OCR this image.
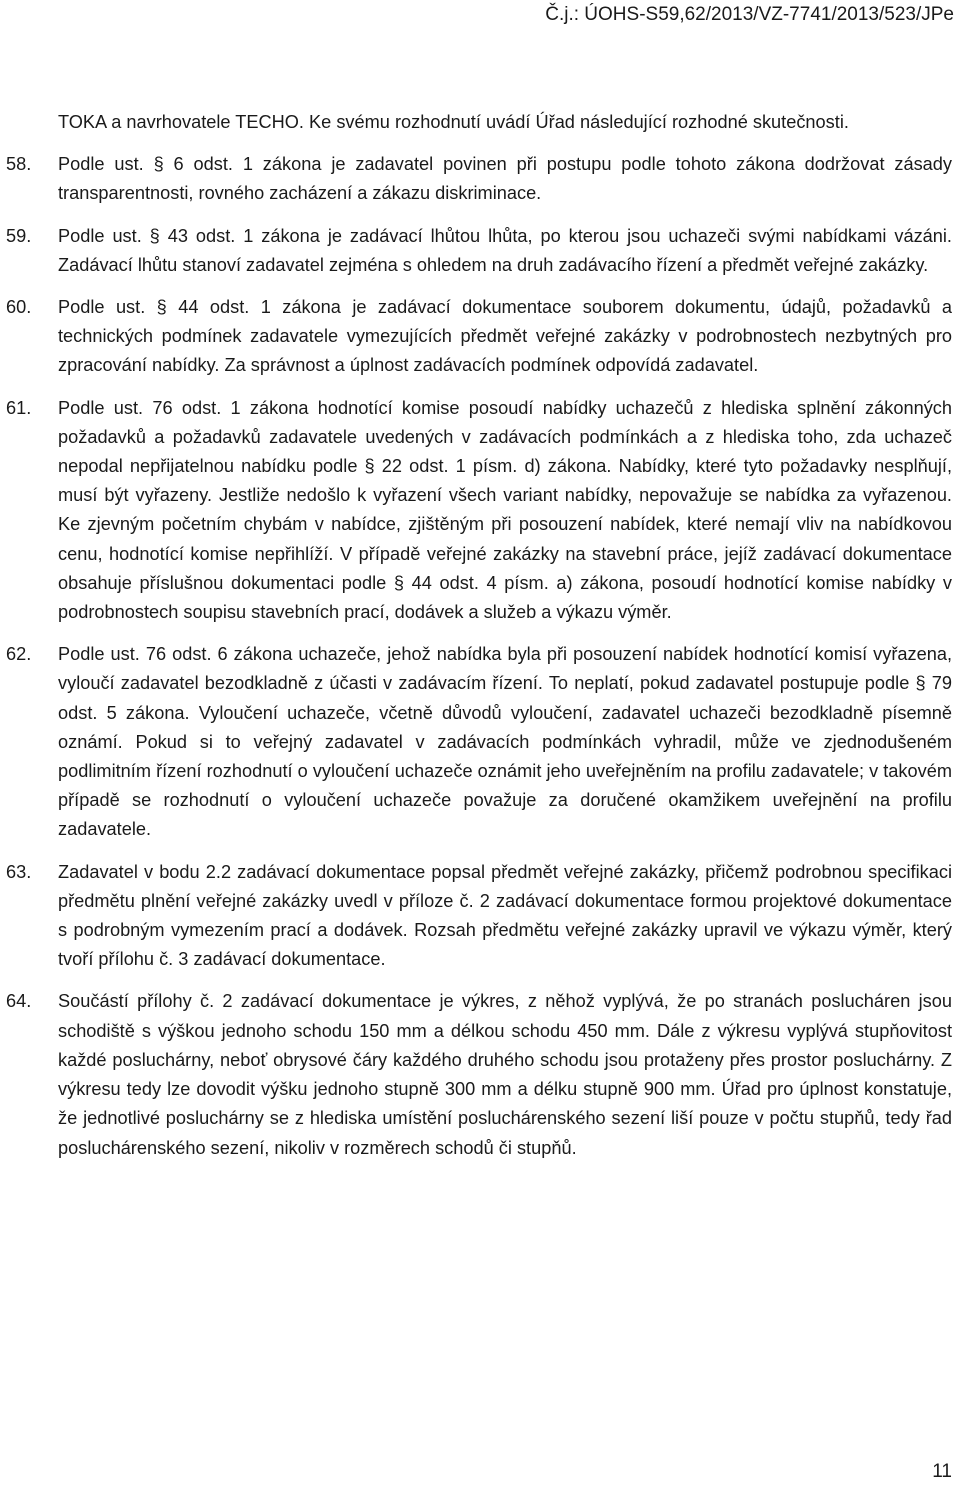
Č.j.: ÚOHS-S59,62/2013/VZ-7741/2013/523/JPe
TOKA a navrhovatele TECHO. Ke svému rozhodnutí uvádí Úřad následující rozhodné skutečnosti.
58. Podle ust. § 6 odst. 1 zákona je zadavatel povinen při postupu podle tohoto zákona dodržovat zásady transparentnosti, rovného zacházení a zákazu diskriminace.
59. Podle ust. § 43 odst. 1 zákona je zadávací lhůtou lhůta, po kterou jsou uchazeči svými nabídkami vázáni. Zadávací lhůtu stanoví zadavatel zejména s ohledem na druh zadávacího řízení a předmět veřejné zakázky.
60. Podle ust. § 44 odst. 1 zákona je zadávací dokumentace souborem dokumentu, údajů, požadavků a technických podmínek zadavatele vymezujících předmět veřejné zakázky v podrobnostech nezbytných pro zpracování nabídky. Za správnost a úplnost zadávacích podmínek odpovídá zadavatel.
61. Podle ust. 76 odst. 1 zákona hodnotící komise posoudí nabídky uchazečů z hlediska splnění zákonných požadavků a požadavků zadavatele uvedených v zadávacích podmínkách a z hlediska toho, zda uchazeč nepodal nepřijatelnou nabídku podle § 22 odst. 1 písm. d) zákona. Nabídky, které tyto požadavky nesplňují, musí být vyřazeny. Jestliže nedošlo k vyřazení všech variant nabídky, nepovažuje se nabídka za vyřazenou. Ke zjevným početním chybám v nabídce, zjištěným při posouzení nabídek, které nemají vliv na nabídkovou cenu, hodnotící komise nepřihlíží. V případě veřejné zakázky na stavební práce, jejíž zadávací dokumentace obsahuje příslušnou dokumentaci podle § 44 odst. 4 písm. a) zákona, posoudí hodnotící komise nabídky v podrobnostech soupisu stavebních prací, dodávek a služeb a výkazu výměr.
62. Podle ust. 76 odst. 6 zákona uchazeče, jehož nabídka byla při posouzení nabídek hodnotící komisí vyřazena, vyloučí zadavatel bezodkladně z účasti v zadávacím řízení. To neplatí, pokud zadavatel postupuje podle § 79 odst. 5 zákona. Vyloučení uchazeče, včetně důvodů vyloučení, zadavatel uchazeči bezodkladně písemně oznámí. Pokud si to veřejný zadavatel v zadávacích podmínkách vyhradil, může ve zjednodušeném podlimitním řízení rozhodnutí o vyloučení uchazeče oznámit jeho uveřejněním na profilu zadavatele; v takovém případě se rozhodnutí o vyloučení uchazeče považuje za doručené okamžikem uveřejnění na profilu zadavatele.
63. Zadavatel v bodu 2.2 zadávací dokumentace popsal předmět veřejné zakázky, přičemž podrobnou specifikaci předmětu plnění veřejné zakázky uvedl v příloze č. 2 zadávací dokumentace formou projektové dokumentace s podrobným vymezením prací a dodávek. Rozsah předmětu veřejné zakázky upravil ve výkazu výměr, který tvoří přílohu č. 3 zadávací dokumentace.
64. Součástí přílohy č. 2 zadávací dokumentace je výkres, z něhož vyplývá, že po stranách poslucháren jsou schodiště s výškou jednoho schodu 150 mm a délkou schodu 450 mm. Dále z výkresu vyplývá stupňovitost každé posluchárny, neboť obrysové čáry každého druhého schodu jsou protaženy přes prostor posluchárny. Z výkresu tedy lze dovodit výšku jednoho stupně 300 mm a délku stupně 900 mm. Úřad pro úplnost konstatuje, že jednotlivé posluchárny se z hlediska umístění posluchárenského sezení liší pouze v počtu stupňů, tedy řad posluchárenského sezení, nikoliv v rozměrech schodů či stupňů.
11
